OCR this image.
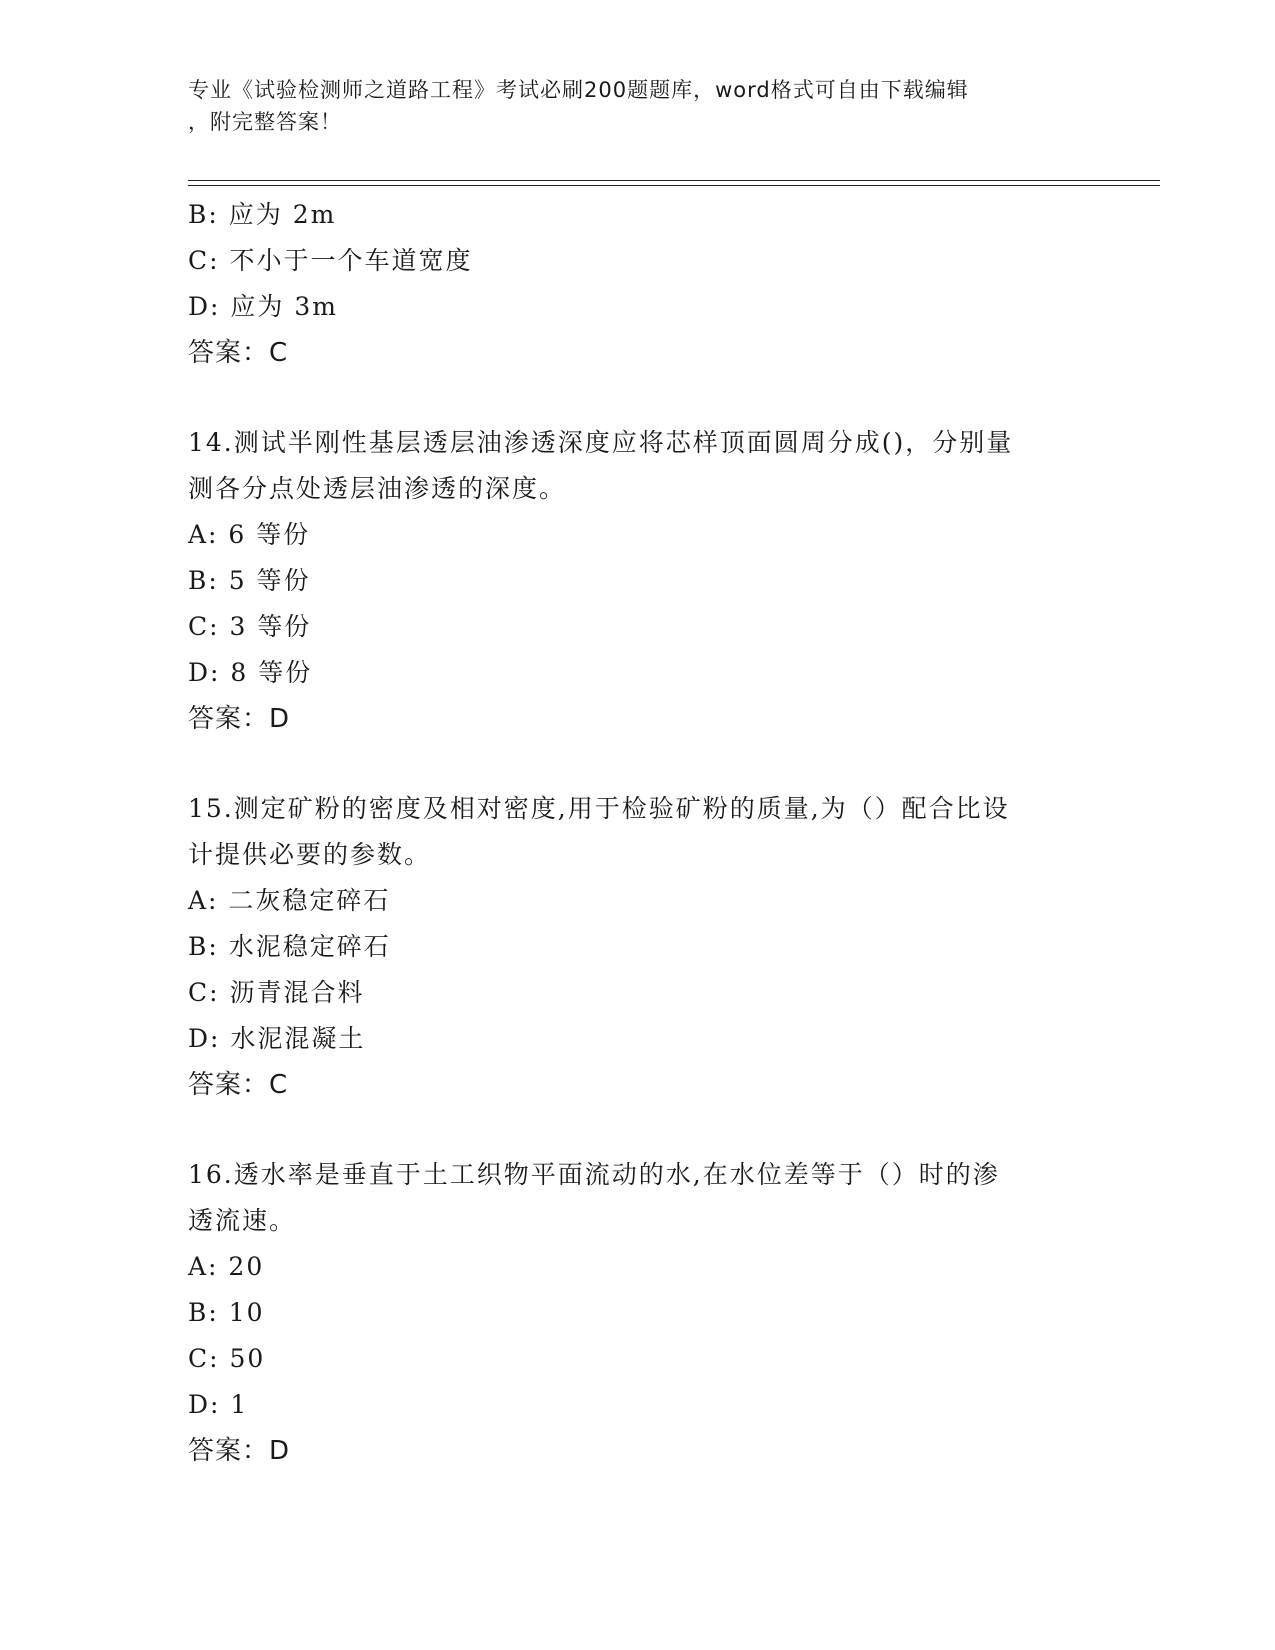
专业《试验检测师之道路工程》考试必刷200题题库，word格式可自由下载编辑
，附完整答案！
B: 应为 2m
C: 不小于一个车道宽度
D: 应为 3m
答案：C
14.测试半刚性基层透层油渗透深度应将芯样顶面圆周分成()，分别量
测各分点处透层油渗透的深度。
A: 6 等份
B: 5 等份
C: 3 等份
D: 8 等份
答案：D
15.测定矿粉的密度及相对密度,用于检验矿粉的质量,为（）配合比设
计提供必要的参数。
A: 二灰稳定碎石
B: 水泥稳定碎石
C: 沥青混合料
D: 水泥混凝土
答案：C
16.透水率是垂直于土工织物平面流动的水,在水位差等于（）时的渗
透流速。
A: 20
B: 10
C: 50
D: 1
答案：D
